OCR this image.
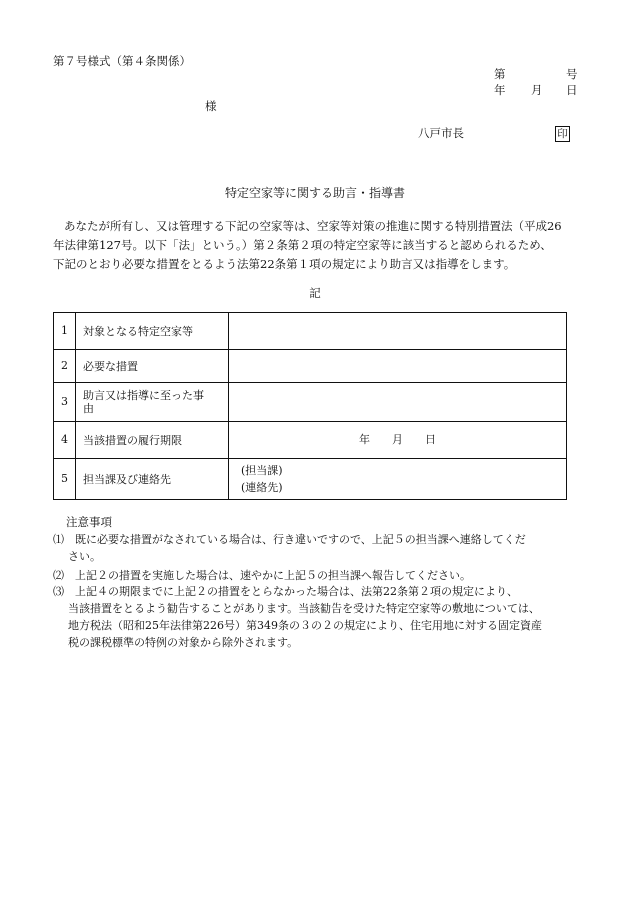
第７号様式（第４条関係）
第	号
年 月 日
様
八戸市長	印
特定空家等に関する助言・指導書
あなたが所有し、又は管理する下記の空家等は、空家等対策の推進に関する特別措置法（平成26
年法律第127号。以下「法」という。）第２条第２項の特定空家等に該当すると認められるため、
下記のとおり必要な措置をとるよう法第22条第１項の規定により助言又は指導をします。
記
1	対象となる特定空家等	
2	必要な措置	
3	助言又は指導に至った事
由	

4	当該措置の履行期限	年　　月　　日
5	担当課及び連絡先	(担当課)
(連絡先)
注意事項
⑴	既に必要な措置がなされている場合は、行き違いですので、上記５の担当課へ連絡してくだ
さい。
⑵	上記２の措置を実施した場合は、速やかに上記５の担当課へ報告してください。
⑶	上記４の期限までに上記２の措置をとらなかった場合は、法第22条第２項の規定により、
当該措置をとるよう勧告することがあります。当該勧告を受けた特定空家等の敷地については、
地方税法（昭和25年法律第226号）第349条の３の２の規定により、住宅用地に対する固定資産
税の課税標準の特例の対象から除外されます。
